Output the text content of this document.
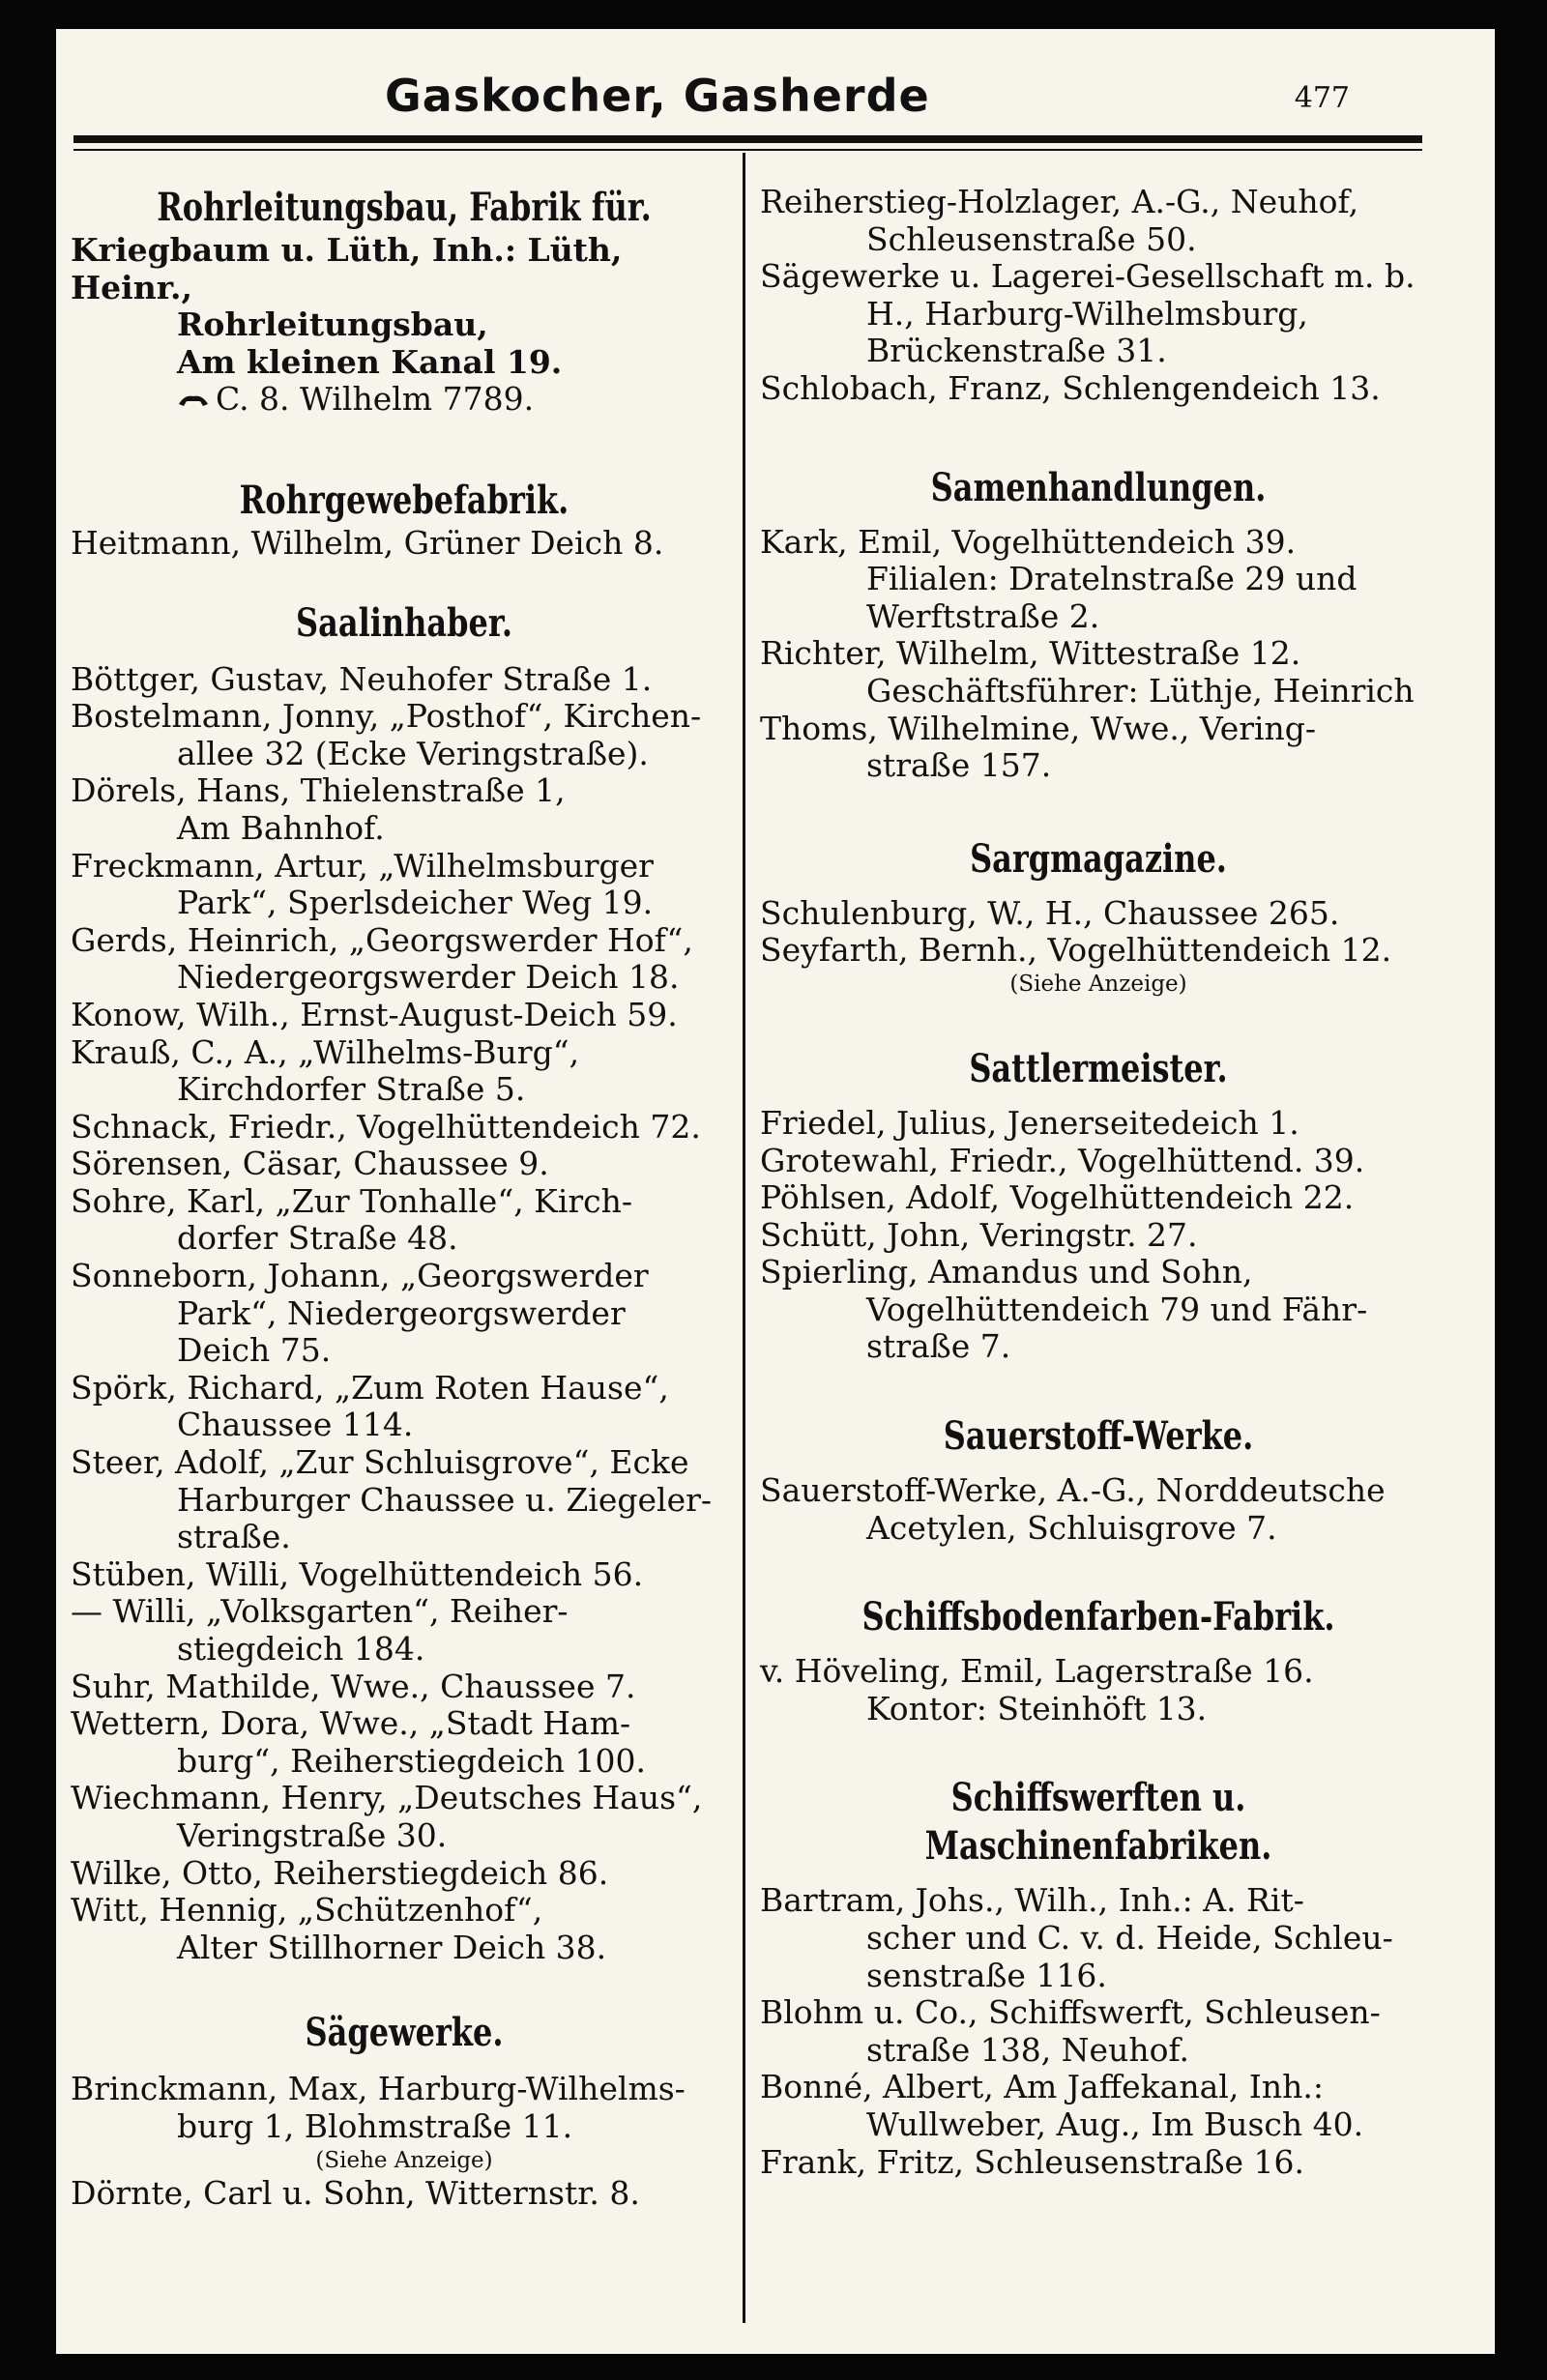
Gaskocher, Gasherde	477
Rohrleitungsbau, Fabrik für.
Kriegbaum u. Lüth, Inh.: Lüth, Heinr.,
Rohrleitungsbau,
Am kleinen Kanal 19.
C. 8. Wilhelm 7789.
Rohrgewebefabrik.
Heitmann, Wilhelm, Grüner Deich 8.
Saalinhaber.
Böttger, Gustav, Neuhofer Straße 1.
Bostelmann, Jonny, „Posthof“, Kirchen-
allee 32 (Ecke Veringstraße).
Dörels, Hans, Thielenstraße 1,
Am Bahnhof.
Freckmann, Artur, „Wilhelmsburger
Park“, Sperlsdeicher Weg 19.
Gerds, Heinrich, „Georgswerder Hof“,
Niedergeorgswerder Deich 18.
Konow, Wilh., Ernst-August-Deich 59.
Krauß, C., A., „Wilhelms-Burg“,
Kirchdorfer Straße 5.
Schnack, Friedr., Vogelhüttendeich 72.
Sörensen, Cäsar, Chaussee 9.
Sohre, Karl, „Zur Tonhalle“, Kirch-
dorfer Straße 48.
Sonneborn, Johann, „Georgswerder
Park“, Niedergeorgswerder
Deich 75.
Spörk, Richard, „Zum Roten Hause“,
Chaussee 114.
Steer, Adolf, „Zur Schluisgrove“, Ecke
Harburger Chaussee u. Ziegeler-
straße.
Stüben, Willi, Vogelhüttendeich 56.
— Willi, „Volksgarten“, Reiher-
stiegdeich 184.
Suhr, Mathilde, Wwe., Chaussee 7.
Wettern, Dora, Wwe., „Stadt Ham-
burg“, Reiherstiegdeich 100.
Wiechmann, Henry, „Deutsches Haus“,
Veringstraße 30.
Wilke, Otto, Reiherstiegdeich 86.
Witt, Hennig, „Schützenhof“,
Alter Stillhorner Deich 38.
Sägewerke.
Brinckmann, Max, Harburg-Wilhelms-
burg 1, Blohmstraße 11.
(Siehe Anzeige)
Dörnte, Carl u. Sohn, Witternstr. 8.
Reiherstieg-Holzlager, A.-G., Neuhof,
Schleusenstraße 50.
Sägewerke u. Lagerei-Gesellschaft m. b.
H., Harburg-Wilhelmsburg,
Brückenstraße 31.
Schlobach, Franz, Schlengendeich 13.
Samenhandlungen.
Kark, Emil, Vogelhüttendeich 39.
Filialen: Dratelnstraße 29 und
Werftstraße 2.
Richter, Wilhelm, Wittestraße 12.
Geschäftsführer: Lüthje, Heinrich
Thoms, Wilhelmine, Wwe., Vering-
straße 157.
Sargmagazine.
Schulenburg, W., H., Chaussee 265.
Seyfarth, Bernh., Vogelhüttendeich 12.
(Siehe Anzeige)
Sattlermeister.
Friedel, Julius, Jenerseitedeich 1.
Grotewahl, Friedr., Vogelhüttend. 39.
Pöhlsen, Adolf, Vogelhüttendeich 22.
Schütt, John, Veringstr. 27.
Spierling, Amandus und Sohn,
Vogelhüttendeich 79 und Fähr-
straße 7.
Sauerstoff-Werke.
Sauerstoff-Werke, A.-G., Norddeutsche
Acetylen, Schluisgrove 7.
Schiffsbodenfarben-Fabrik.
v. Höveling, Emil, Lagerstraße 16.
Kontor: Steinhöft 13.
Schiffswerften u. Maschinenfabriken.
Bartram, Johs., Wilh., Inh.: A. Rit-
scher und C. v. d. Heide, Schleu-
senstraße 116.
Blohm u. Co., Schiffswerft, Schleusen-
straße 138, Neuhof.
Bonné, Albert, Am Jaffekanal, Inh.:
Wullweber, Aug., Im Busch 40.
Frank, Fritz, Schleusenstraße 16.
